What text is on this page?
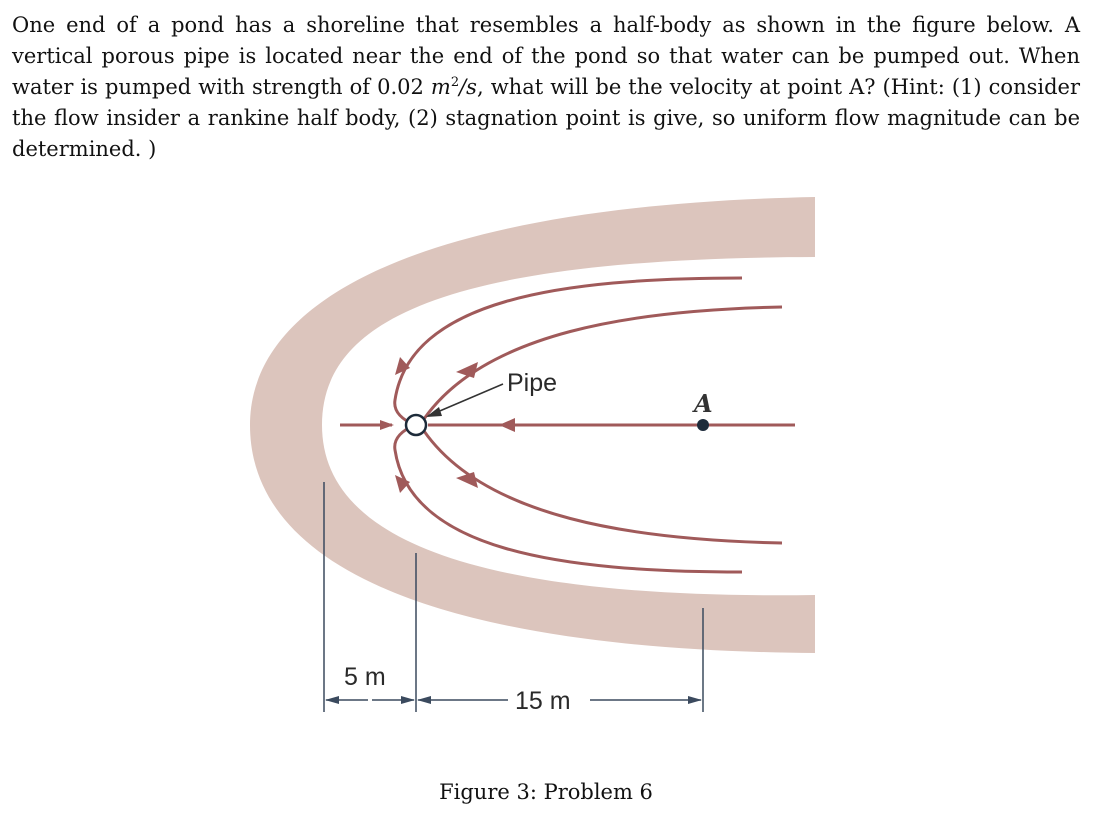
One end of a pond has a shoreline that resembles a half-body as shown in the figure below. A vertical porous pipe is located near the end of the pond so that water can be pumped out. When water is pumped with strength of 0.02 $m^2/s$, what will be the velocity at point A? (Hint: (1) consider the flow insider a rankine half body, (2) stagnation point is give, so uniform flow magnitude can be determined. )

A
Pipe
5 m
15 m

Figure 3: Problem 6
